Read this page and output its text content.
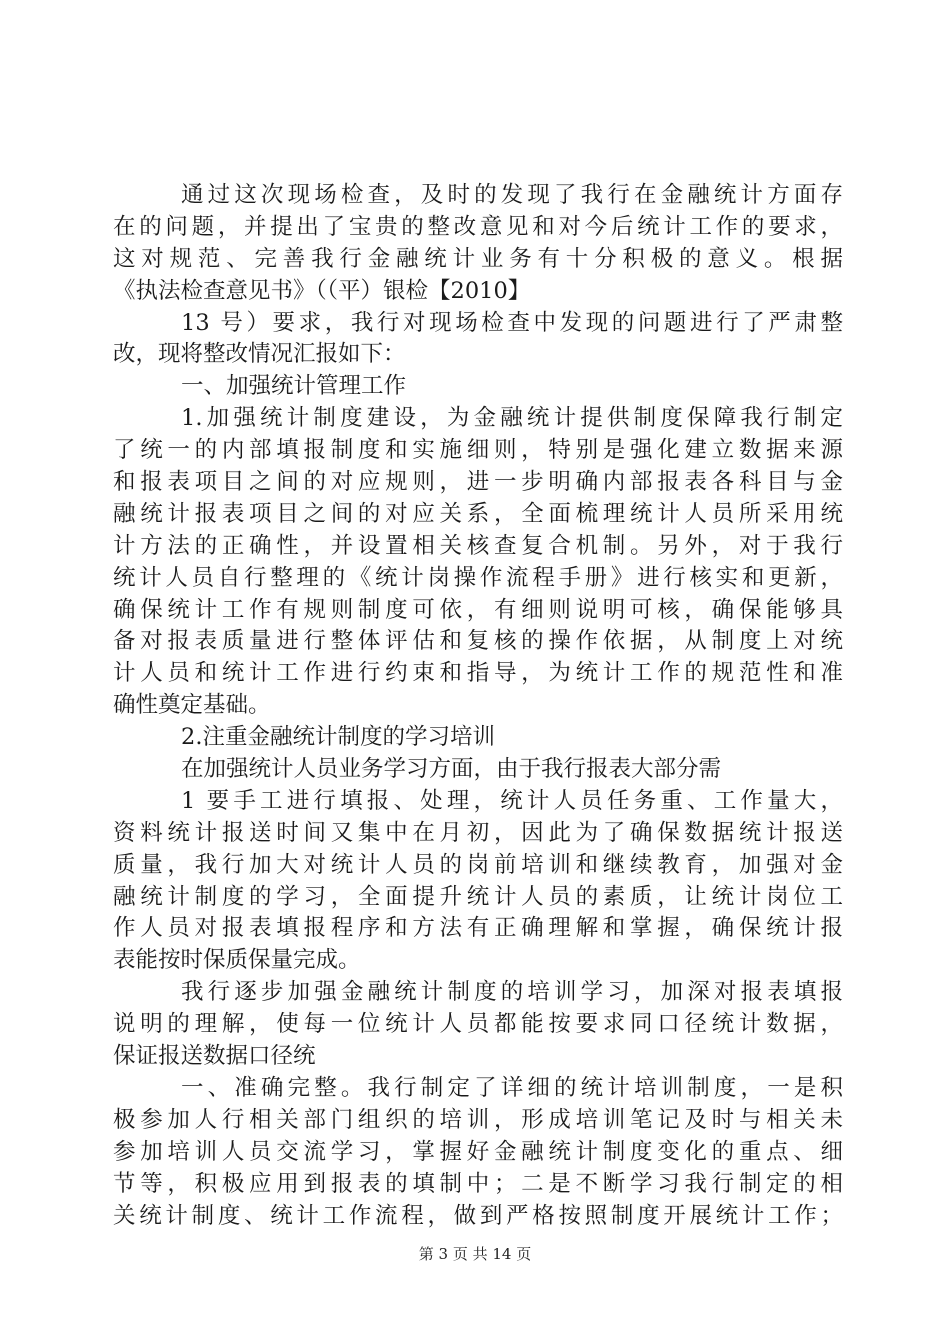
通过这次现场检查，及时的发现了我行在金融统计方面存
在的问题，并提出了宝贵的整改意见和对今后统计工作的要求，
这对规范、完善我行金融统计业务有十分积极的意义。根据
《执法检查意见书》（（平）银检【2010】
13 号）要求，我行对现场检查中发现的问题进行了严肃整
改，现将整改情况汇报如下：
一、加强统计管理工作
1.加强统计制度建设，为金融统计提供制度保障我行制定
了统一的内部填报制度和实施细则，特别是强化建立数据来源
和报表项目之间的对应规则，进一步明确内部报表各科目与金
融统计报表项目之间的对应关系，全面梳理统计人员所采用统
计方法的正确性，并设置相关核查复合机制。另外，对于我行
统计人员自行整理的《统计岗操作流程手册》进行核实和更新，
确保统计工作有规则制度可依，有细则说明可核，确保能够具
备对报表质量进行整体评估和复核的操作依据，从制度上对统
计人员和统计工作进行约束和指导，为统计工作的规范性和准
确性奠定基础。
2.注重金融统计制度的学习培训
在加强统计人员业务学习方面，由于我行报表大部分需
1 要手工进行填报、处理，统计人员任务重、工作量大，
资料统计报送时间又集中在月初，因此为了确保数据统计报送
质量，我行加大对统计人员的岗前培训和继续教育，加强对金
融统计制度的学习，全面提升统计人员的素质，让统计岗位工
作人员对报表填报程序和方法有正确理解和掌握，确保统计报
表能按时保质保量完成。
我行逐步加强金融统计制度的培训学习，加深对报表填报
说明的理解，使每一位统计人员都能按要求同口径统计数据，
保证报送数据口径统
一、准确完整。我行制定了详细的统计培训制度，一是积
极参加人行相关部门组织的培训，形成培训笔记及时与相关未
参加培训人员交流学习，掌握好金融统计制度变化的重点、细
节等，积极应用到报表的填制中；二是不断学习我行制定的相
关统计制度、统计工作流程，做到严格按照制度开展统计工作；
第 3 页 共 14 页
